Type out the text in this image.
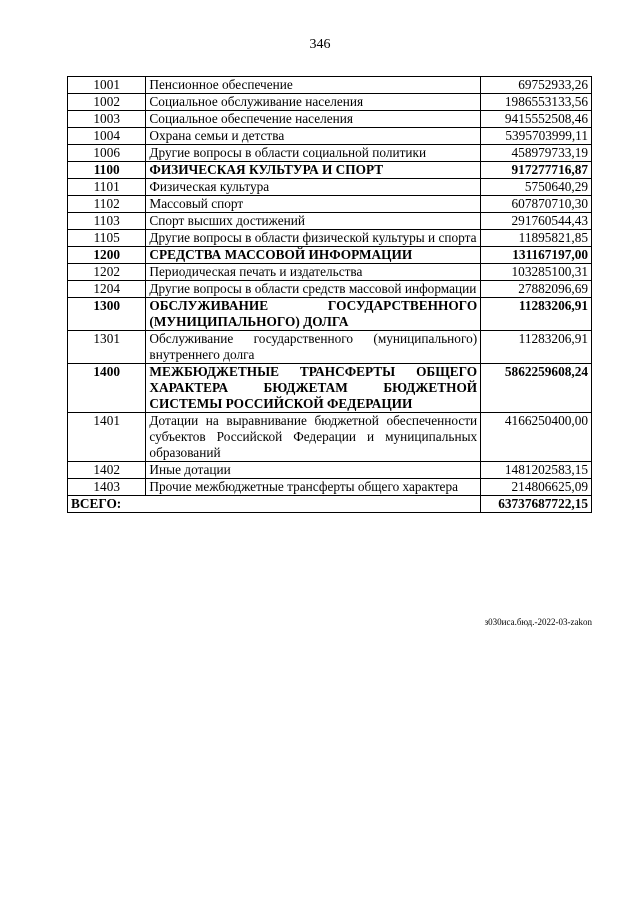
346
1001	Пенсионное обеспечение	69752933,26
1002	Социальное обслуживание населения	1986553133,56
1003	Социальное обеспечение населения	9415552508,46
1004	Охрана семьи и детства	5395703999,11
1006	Другие вопросы в области социальной политики	458979733,19
1100	ФИЗИЧЕСКАЯ КУЛЬТУРА И СПОРТ	917277716,87
1101	Физическая культура	5750640,29
1102	Массовый спорт	607870710,30
1103	Спорт высших достижений	291760544,43
1105	Другие вопросы в области физической культуры и спорта	11895821,85
1200	СРЕДСТВА МАССОВОЙ ИНФОРМАЦИИ	131167197,00
1202	Периодическая печать и издательства	103285100,31
1204	Другие вопросы в области средств массовой информации	27882096,69
1300	ОБСЛУЖИВАНИЕ ГОСУДАРСТВЕННОГО (МУНИЦИПАЛЬНОГО) ДОЛГА	11283206,91
1301	Обслуживание государственного (муниципального) внутреннего долга	11283206,91
1400	МЕЖБЮДЖЕТНЫЕ ТРАНСФЕРТЫ ОБЩЕГО ХАРАКТЕРА БЮДЖЕТАМ БЮДЖЕТНОЙ СИСТЕМЫ РОССИЙСКОЙ ФЕДЕРАЦИИ	5862259608,24
1401	Дотации на выравнивание бюджетной обеспеченности субъектов Российской Федерации и муниципальных образований	4166250400,00
1402	Иные дотации	1481202583,15
1403	Прочие межбюджетные трансферты общего характера	214806625,09
ВСЕГО:		63737687722,15
з030иса.бюд.-2022-03-zakon
